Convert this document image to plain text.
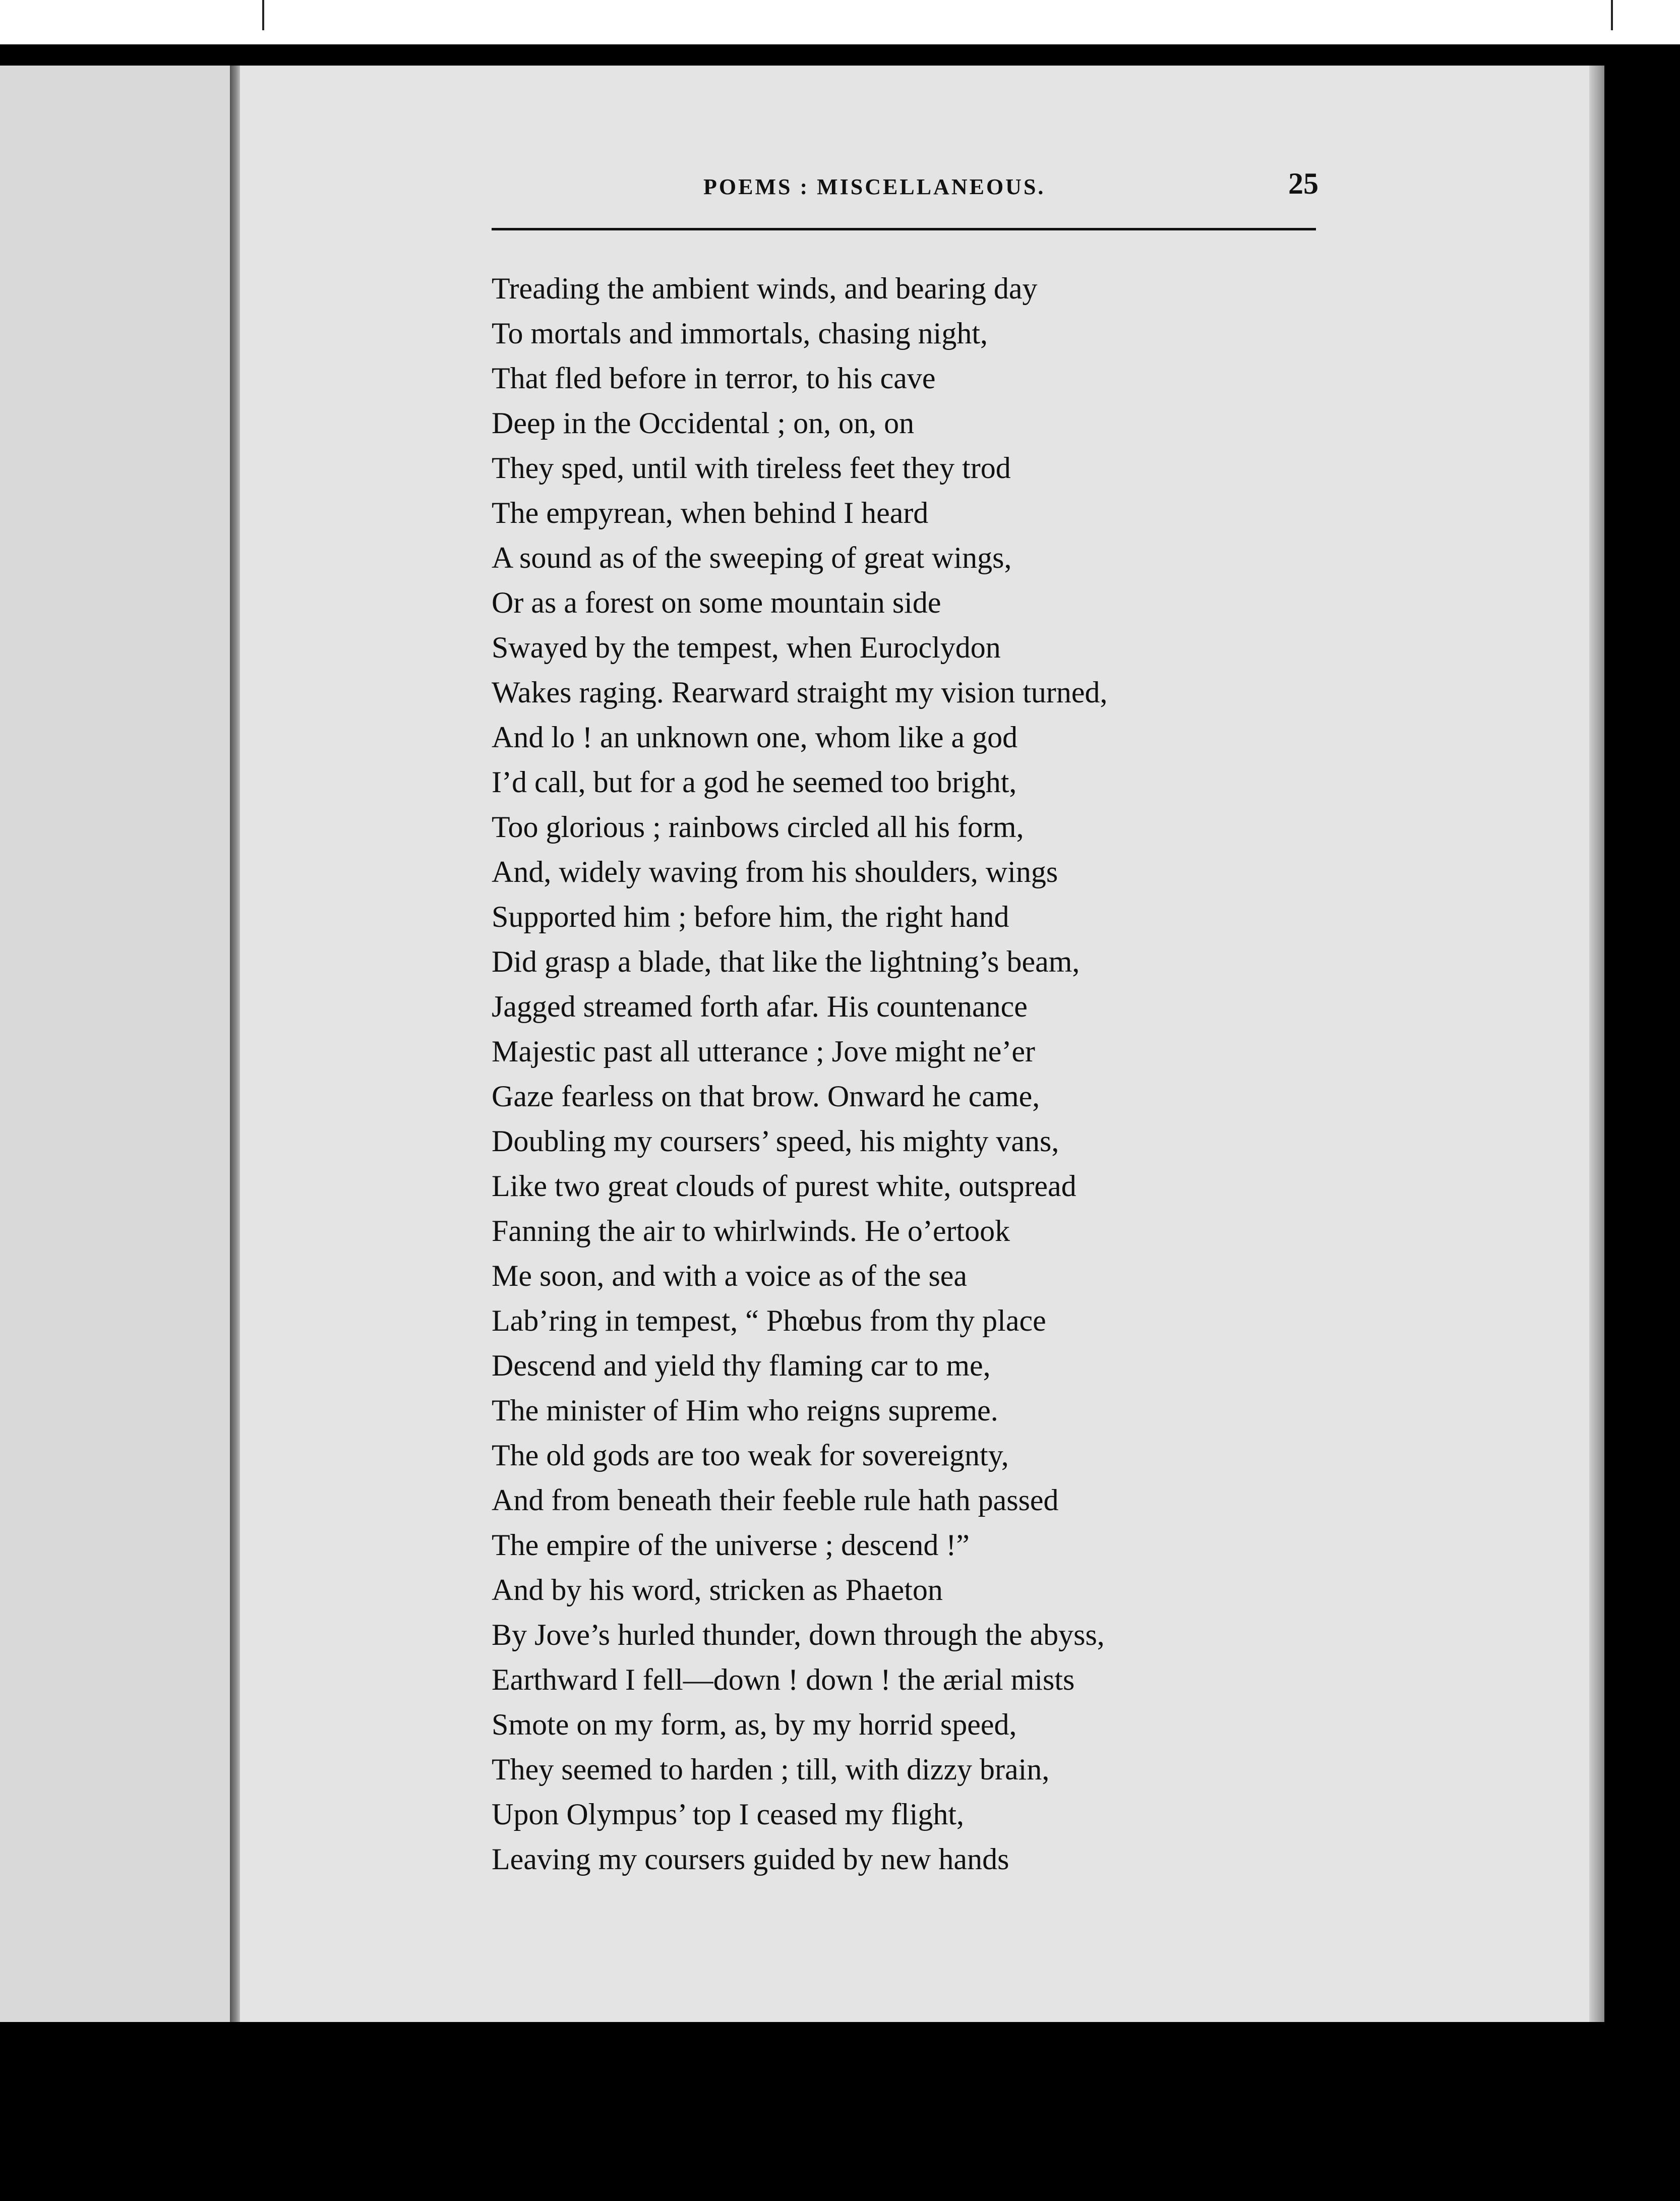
POEMS : MISCELLANEOUS.	25
Treading the ambient winds, and bearing day
To mortals and immortals, chasing night,
That fled before in terror, to his cave
Deep in the Occidental ; on, on, on
They sped, until with tireless feet they trod
The empyrean, when behind I heard
A sound as of the sweeping of great wings,
Or as a forest on some mountain side
Swayed by the tempest, when Euroclydon
Wakes raging. Rearward straight my vision turned,
And lo ! an unknown one, whom like a god
I’d call, but for a god he seemed too bright,
Too glorious ; rainbows circled all his form,
And, widely waving from his shoulders, wings
Supported him ; before him, the right hand
Did grasp a blade, that like the lightning’s beam,
Jagged streamed forth afar. His countenance
Majestic past all utterance ; Jove might ne’er
Gaze fearless on that brow. Onward he came,
Doubling my coursers’ speed, his mighty vans,
Like two great clouds of purest white, outspread
Fanning the air to whirlwinds. He o’ertook
Me soon, and with a voice as of the sea
Lab’ring in tempest, “ Phœbus from thy place
Descend and yield thy flaming car to me,
The minister of Him who reigns supreme.
The old gods are too weak for sovereignty,
And from beneath their feeble rule hath passed
The empire of the universe ; descend !”
And by his word, stricken as Phaeton
By Jove’s hurled thunder, down through the abyss,
Earthward I fell—down ! down ! the ærial mists
Smote on my form, as, by my horrid speed,
They seemed to harden ; till, with dizzy brain,
Upon Olympus’ top I ceased my flight,
Leaving my coursers guided by new hands
